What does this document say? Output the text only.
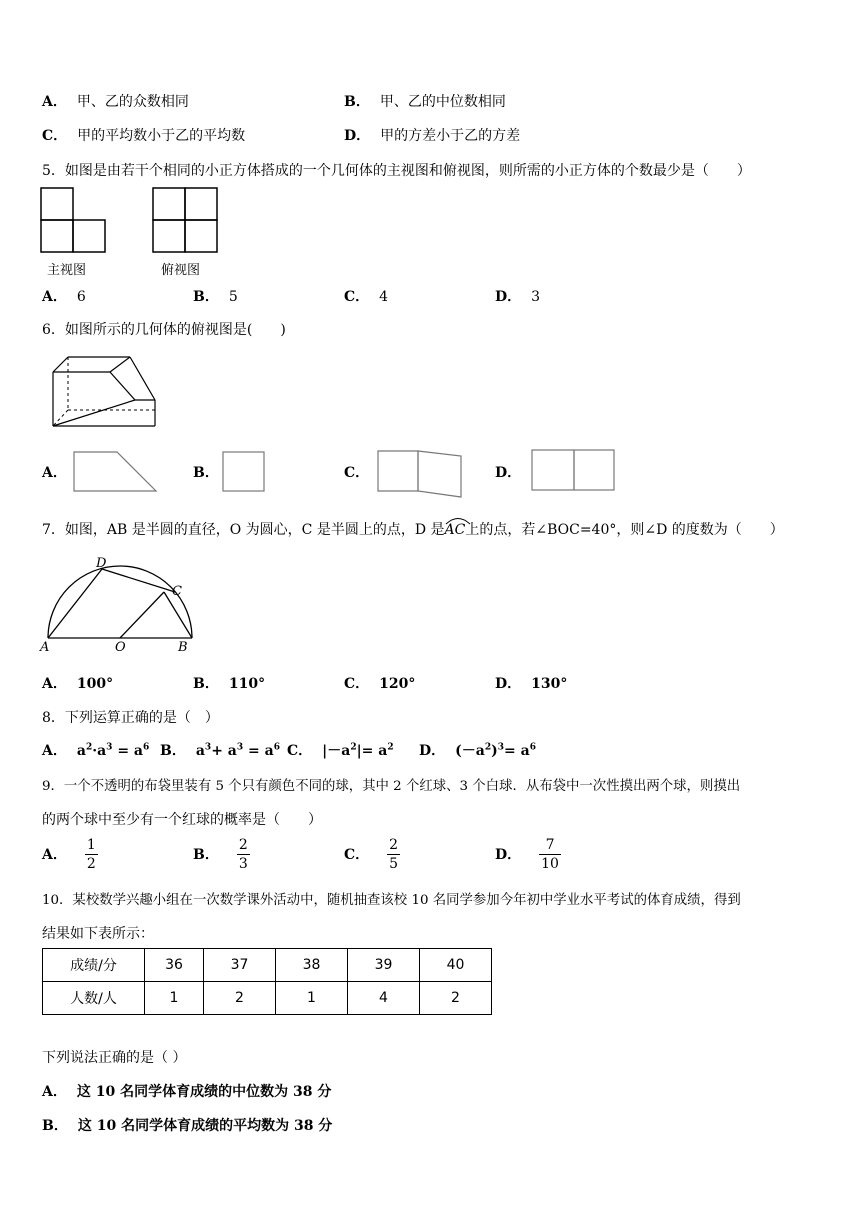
A． 甲、乙的众数相同	B． 甲、乙的中位数相同
C． 甲的平均数小于乙的平均数	D． 甲的方差小于乙的方差
5．如图是由若干个相同的小正方体搭成的一个几何体的主视图和俯视图，则所需的小正方体的个数最少是（　　）
主视图	俯视图
A． 6	B． 5	C． 4	D． 3
6．如图所示的几何体的俯视图是(　　)
A．	B．	C．	D．
7．如图，AB 是半圆的直径，O 为圆心，C 是半圆上的点，D 是
AC上的点，若∠BOC=40°，则∠D 的度数为（　　）
D
C
A	O	B
A． 100°	B． 110°	C． 120°	D． 130°
8．下列运算正确的是（　）
A． $a^2\cdot a^3 = a^6$ B． $a^3+ a^3 = a^6$ C． $|-a^2|= a^2$ D． $(-a^2)^3= a^6$
9．一个不透明的布袋里装有 5 个只有颜色不同的球，其中 2 个红球、3 个白球．从布袋中一次性摸出两个球，则摸出
的两个球中至少有一个红球的概率是（　　）
A． $\frac{1}{2}$	B． $\frac{2}{3}$	C． $\frac{2}{5}$	D． $\frac{7}{10}$
10．某校数学兴趣小组在一次数学课外活动中，随机抽查该校 10 名同学参加今年初中学业水平考试的体育成绩，得到
结果如下表所示：
成绩/分	36	37	38	39	40
人数/人	1	2	1	4	2
下列说法正确的是（ ）
A． 这 10 名同学体育成绩的中位数为 38 分
B． 这 10 名同学体育成绩的平均数为 38 分
